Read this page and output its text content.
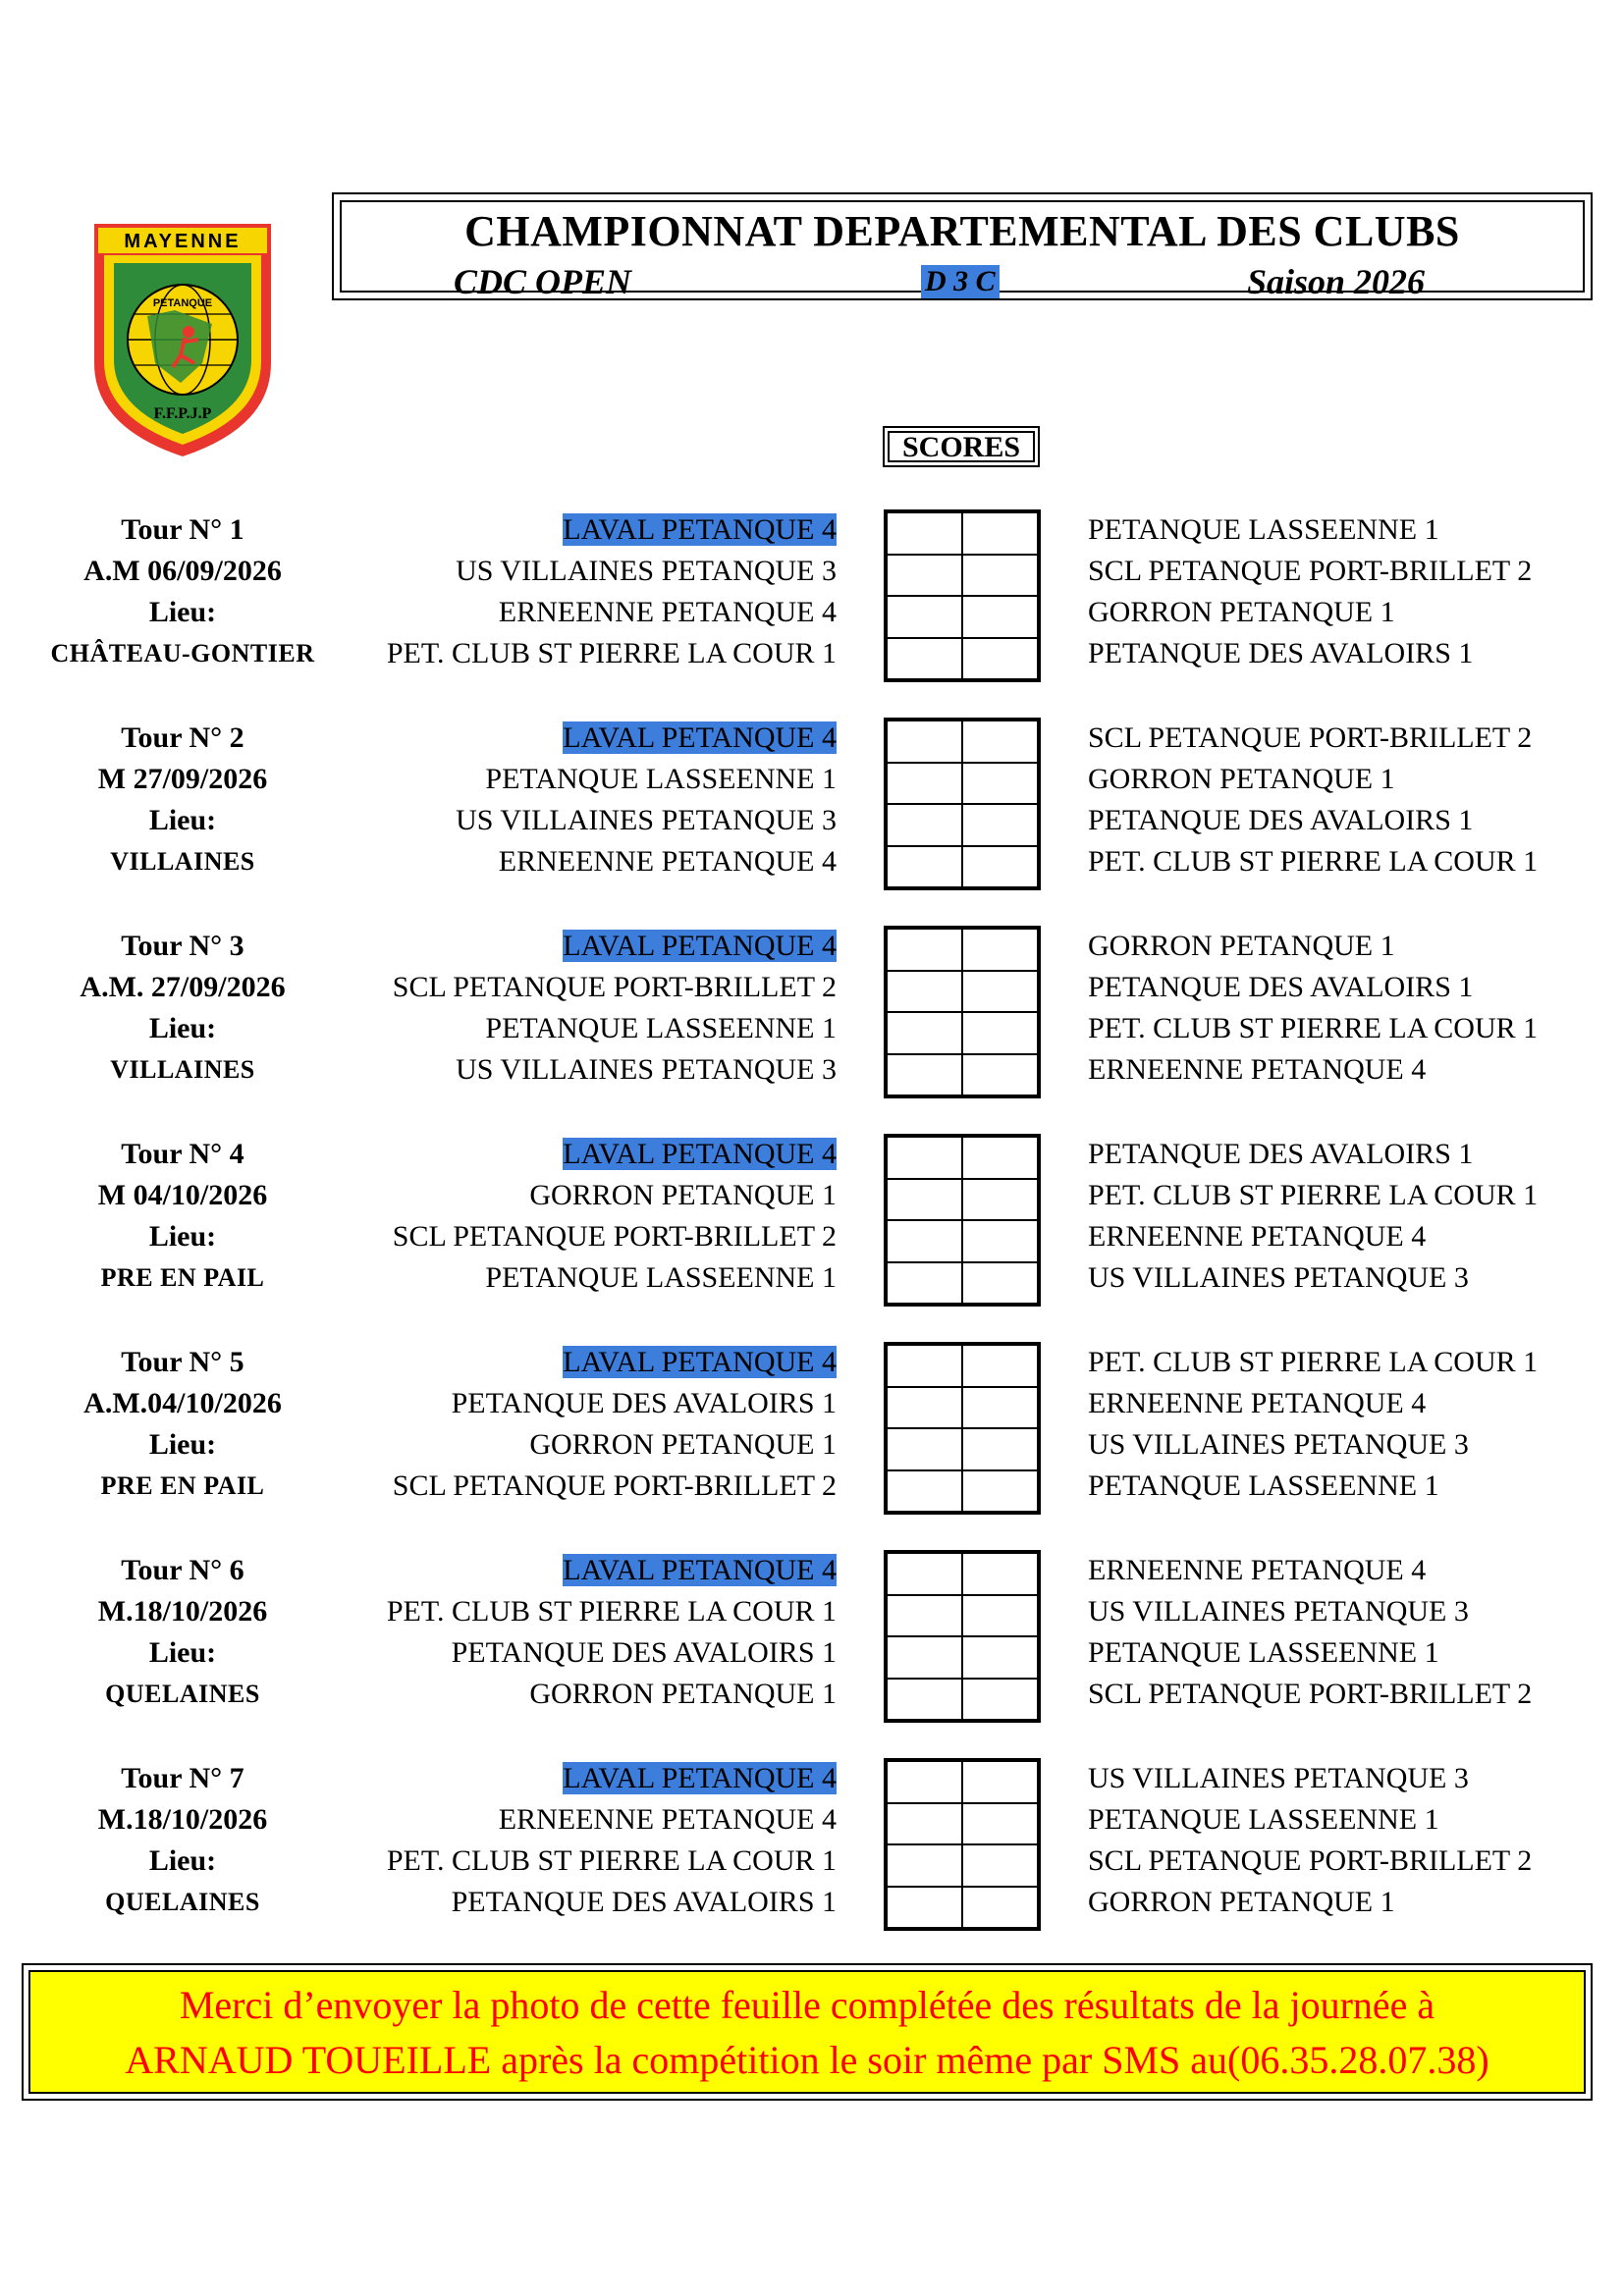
MAYENNE
PETANQUE
F.F.P.J.P
CHAMPIONNAT DEPARTEMENTAL DES CLUBS
CDC OPEN	D 3 C	Saison 2026
SCORES
Tour N° 1
A.M 06/09/2026
Lieu:
CHÂTEAU-GONTIER
LAVAL PETANQUE 4
US VILLAINES PETANQUE 3
ERNEENNE PETANQUE 4
PET. CLUB ST PIERRE LA COUR 1
PETANQUE LASSEENNE 1
SCL PETANQUE PORT-BRILLET 2
GORRON PETANQUE 1
PETANQUE DES AVALOIRS 1
Tour N° 2
M 27/09/2026
Lieu:
VILLAINES
LAVAL PETANQUE 4
PETANQUE LASSEENNE 1
US VILLAINES PETANQUE 3
ERNEENNE PETANQUE 4
SCL PETANQUE PORT-BRILLET 2
GORRON PETANQUE 1
PETANQUE DES AVALOIRS 1
PET. CLUB ST PIERRE LA COUR 1
Tour N° 3
A.M. 27/09/2026
Lieu:
VILLAINES
LAVAL PETANQUE 4
SCL PETANQUE PORT-BRILLET 2
PETANQUE LASSEENNE 1
US VILLAINES PETANQUE 3
GORRON PETANQUE 1
PETANQUE DES AVALOIRS 1
PET. CLUB ST PIERRE LA COUR 1
ERNEENNE PETANQUE 4
Tour N° 4
M 04/10/2026
Lieu:
PRE EN PAIL
LAVAL PETANQUE 4
GORRON PETANQUE 1
SCL PETANQUE PORT-BRILLET 2
PETANQUE LASSEENNE 1
PETANQUE DES AVALOIRS 1
PET. CLUB ST PIERRE LA COUR 1
ERNEENNE PETANQUE 4
US VILLAINES PETANQUE 3
Tour N° 5
A.M.04/10/2026
Lieu:
PRE EN PAIL
LAVAL PETANQUE 4
PETANQUE DES AVALOIRS 1
GORRON PETANQUE 1
SCL PETANQUE PORT-BRILLET 2
PET. CLUB ST PIERRE LA COUR 1
ERNEENNE PETANQUE 4
US VILLAINES PETANQUE 3
PETANQUE LASSEENNE 1
Tour N° 6
M.18/10/2026
Lieu:
QUELAINES
LAVAL PETANQUE 4
PET. CLUB ST PIERRE LA COUR 1
PETANQUE DES AVALOIRS 1
GORRON PETANQUE 1
ERNEENNE PETANQUE 4
US VILLAINES PETANQUE 3
PETANQUE LASSEENNE 1
SCL PETANQUE PORT-BRILLET 2
Tour N° 7
M.18/10/2026
Lieu:
QUELAINES
LAVAL PETANQUE 4
ERNEENNE PETANQUE 4
PET. CLUB ST PIERRE LA COUR 1
PETANQUE DES AVALOIRS 1
US VILLAINES PETANQUE 3
PETANQUE LASSEENNE 1
SCL PETANQUE PORT-BRILLET 2
GORRON PETANQUE 1
Merci d’envoyer la photo de cette feuille complétée des résultats de la journée à
ARNAUD TOUEILLE après la compétition le soir même par SMS au(06.35.28.07.38)
